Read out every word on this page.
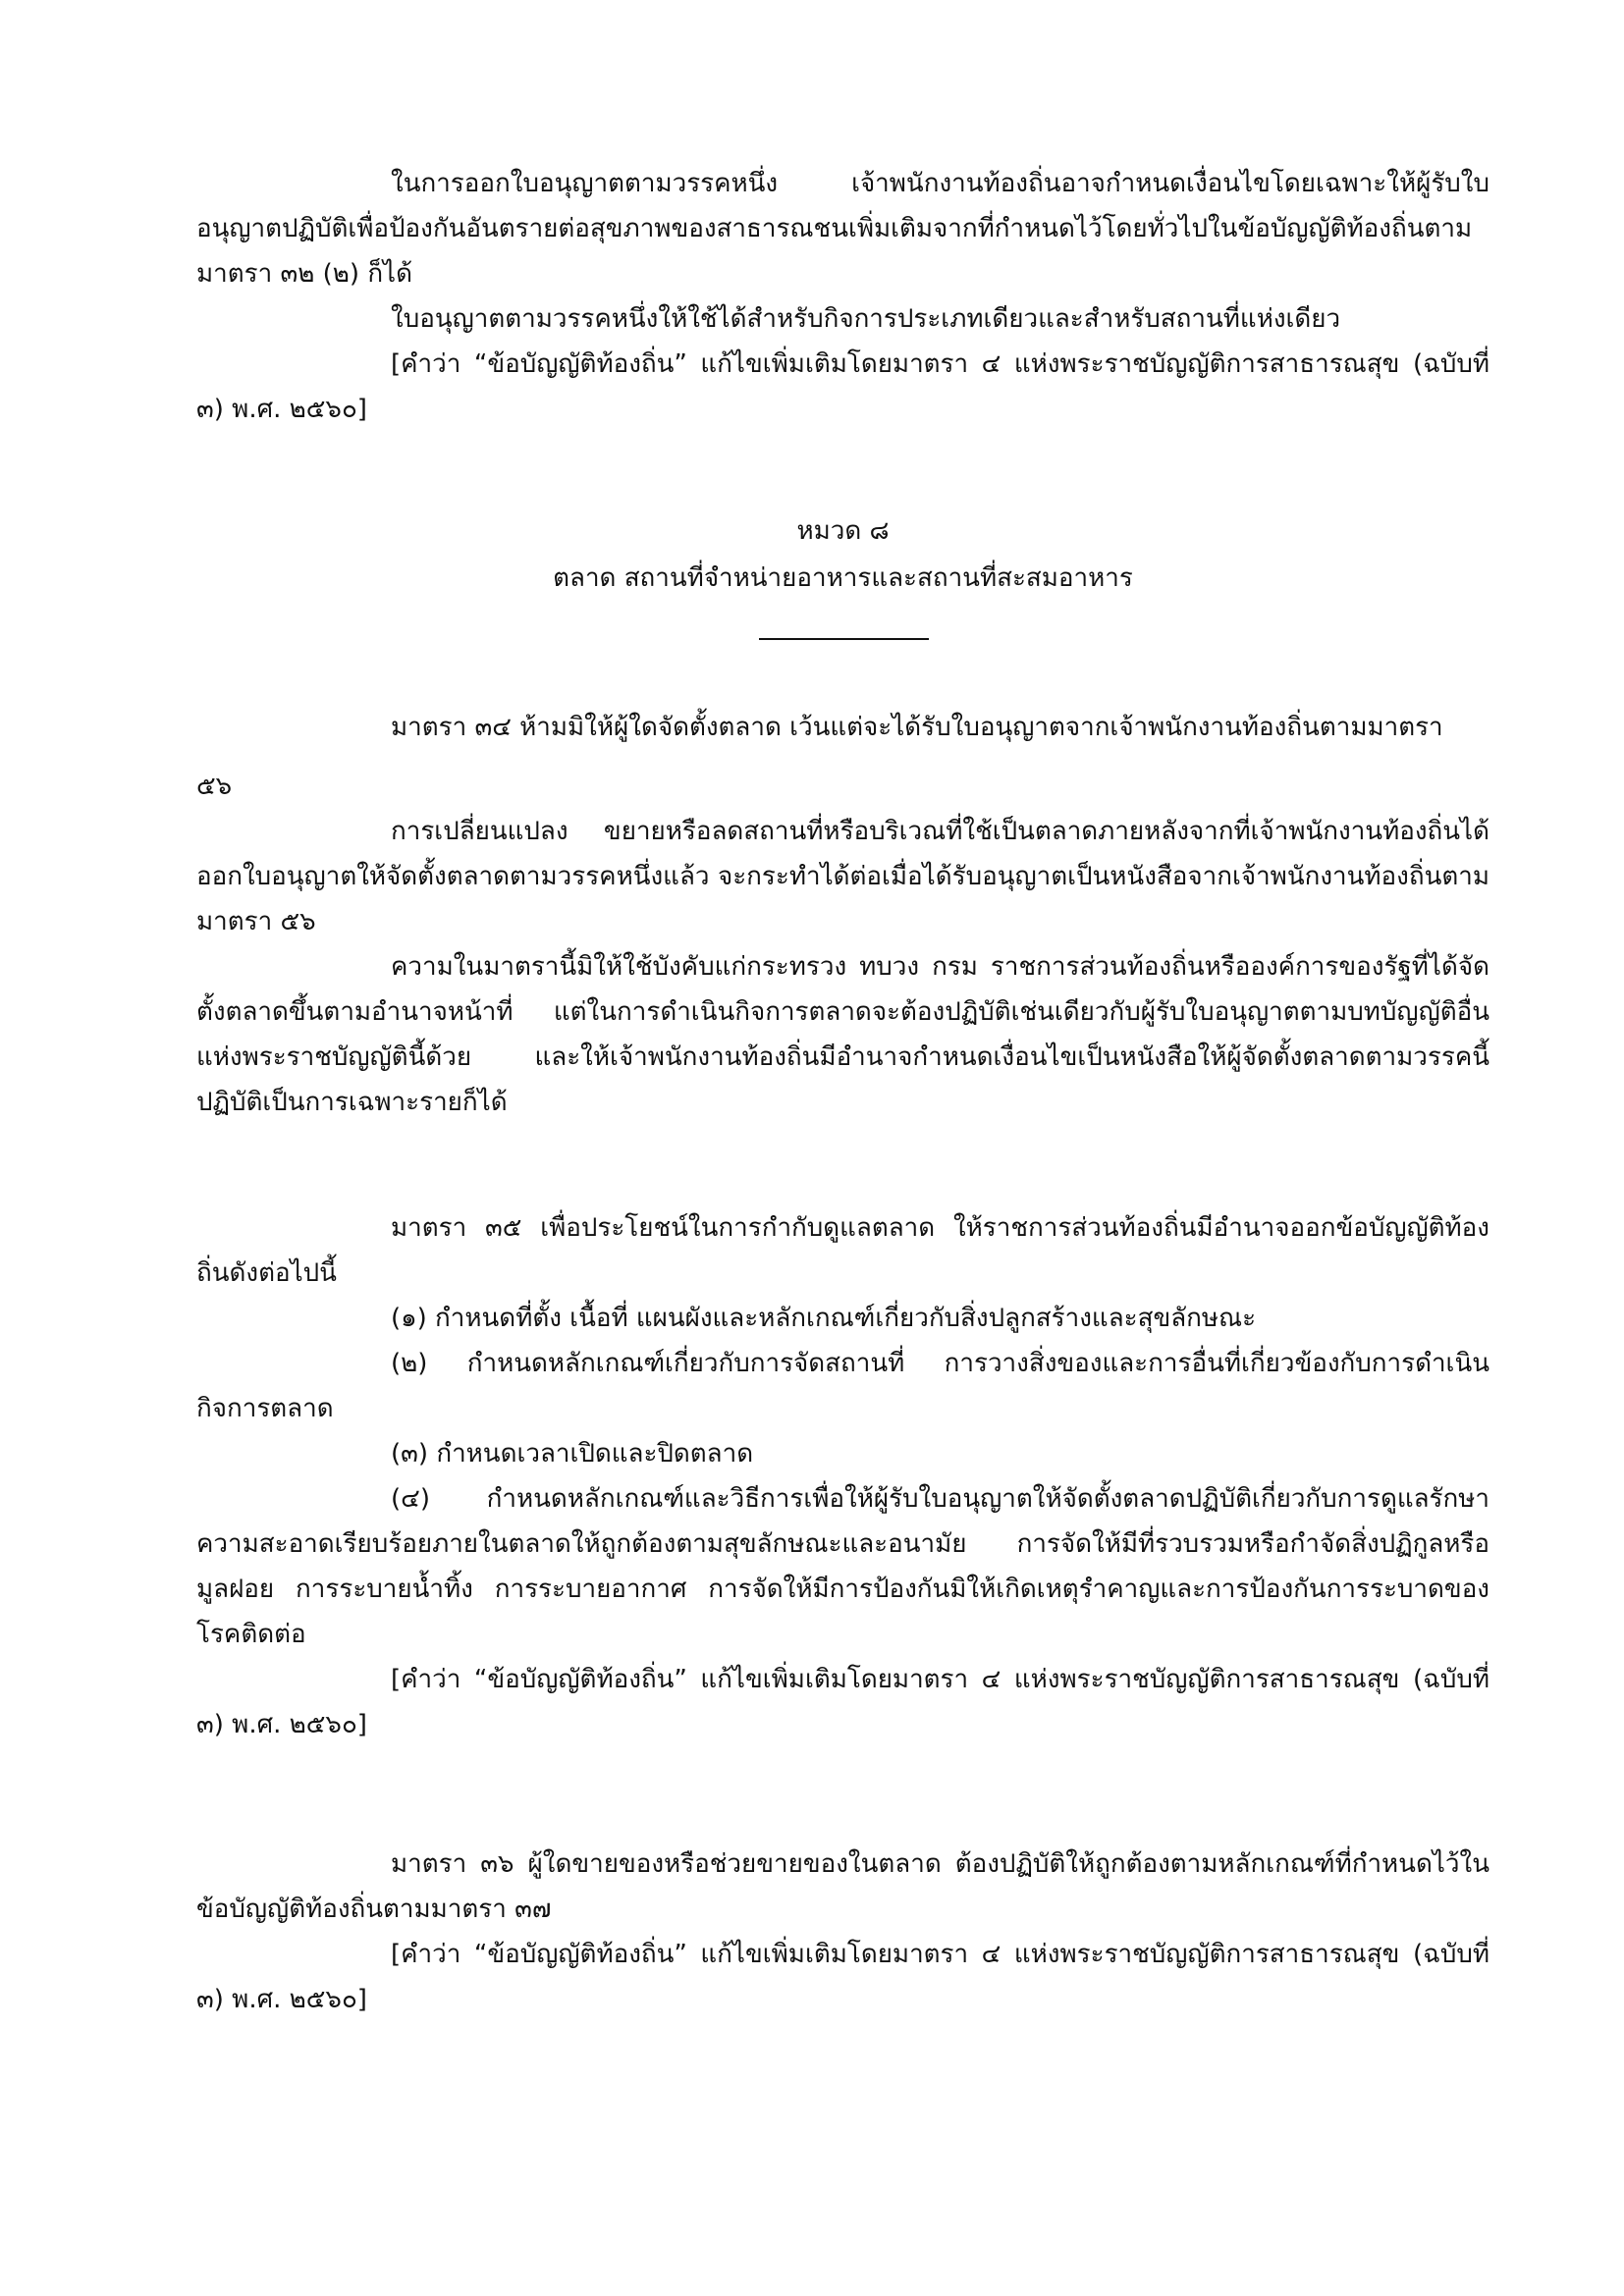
ในการออกใบอนุญาตตามวรรคหนึ่ง เจ้าพนักงานท้องถิ่นอาจกำหนดเงื่อนไขโดยเฉพาะให้ผู้รับใบอนุญาตปฏิบัติเพื่อป้องกันอันตรายต่อสุขภาพของสาธารณชนเพิ่มเติมจากที่กำหนดไว้โดยทั่วไปในข้อบัญญัติท้องถิ่นตามมาตรา ๓๒ (๒) ก็ได้

ใบอนุญาตตามวรรคหนึ่งให้ใช้ได้สำหรับกิจการประเภทเดียวและสำหรับสถานที่แห่งเดียว

[คำว่า “ข้อบัญญัติท้องถิ่น” แก้ไขเพิ่มเติมโดยมาตรา ๔ แห่งพระราชบัญญัติการสาธารณสุข (ฉบับที่ ๓) พ.ศ. ๒๕๖๐]

หมวด ๘

ตลาด สถานที่จำหน่ายอาหารและสถานที่สะสมอาหาร

มาตรา ๓๔ ห้ามมิให้ผู้ใดจัดตั้งตลาด เว้นแต่จะได้รับใบอนุญาตจากเจ้าพนักงานท้องถิ่นตามมาตรา

๕๖

การเปลี่ยนแปลง ขยายหรือลดสถานที่หรือบริเวณที่ใช้เป็นตลาดภายหลังจากที่เจ้าพนักงานท้องถิ่นได้ออกใบอนุญาตให้จัดตั้งตลาดตามวรรคหนึ่งแล้ว จะกระทำได้ต่อเมื่อได้รับอนุญาตเป็นหนังสือจากเจ้าพนักงานท้องถิ่นตามมาตรา ๕๖

ความในมาตรานี้มิให้ใช้บังคับแก่กระทรวง ทบวง กรม ราชการส่วนท้องถิ่นหรือองค์การของรัฐที่ได้จัดตั้งตลาดขึ้นตามอำนาจหน้าที่ แต่ในการดำเนินกิจการตลาดจะต้องปฏิบัติเช่นเดียวกับผู้รับใบอนุญาตตามบทบัญญัติอื่นแห่งพระราชบัญญัตินี้ด้วย และให้เจ้าพนักงานท้องถิ่นมีอำนาจกำหนดเงื่อนไขเป็นหนังสือให้ผู้จัดตั้งตลาดตามวรรคนี้ปฏิบัติเป็นการเฉพาะรายก็ได้

มาตรา ๓๕ เพื่อประโยชน์ในการกำกับดูแลตลาด ให้ราชการส่วนท้องถิ่นมีอำนาจออกข้อบัญญัติท้องถิ่นดังต่อไปนี้

(๑) กำหนดที่ตั้ง เนื้อที่ แผนผังและหลักเกณฑ์เกี่ยวกับสิ่งปลูกสร้างและสุขลักษณะ

(๒) กำหนดหลักเกณฑ์เกี่ยวกับการจัดสถานที่ การวางสิ่งของและการอื่นที่เกี่ยวข้องกับการดำเนินกิจการตลาด

(๓) กำหนดเวลาเปิดและปิดตลาด

(๔) กำหนดหลักเกณฑ์และวิธีการเพื่อให้ผู้รับใบอนุญาตให้จัดตั้งตลาดปฏิบัติเกี่ยวกับการดูแลรักษาความสะอาดเรียบร้อยภายในตลาดให้ถูกต้องตามสุขลักษณะและอนามัย การจัดให้มีที่รวบรวมหรือกำจัดสิ่งปฏิกูลหรือมูลฝอย การระบายน้ำทิ้ง การระบายอากาศ การจัดให้มีการป้องกันมิให้เกิดเหตุรำคาญและการป้องกันการระบาดของโรคติดต่อ

[คำว่า “ข้อบัญญัติท้องถิ่น” แก้ไขเพิ่มเติมโดยมาตรา ๔ แห่งพระราชบัญญัติการสาธารณสุข (ฉบับที่ ๓) พ.ศ. ๒๕๖๐]

มาตรา ๓๖ ผู้ใดขายของหรือช่วยขายของในตลาด ต้องปฏิบัติให้ถูกต้องตามหลักเกณฑ์ที่กำหนดไว้ในข้อบัญญัติท้องถิ่นตามมาตรา ๓๗

[คำว่า “ข้อบัญญัติท้องถิ่น” แก้ไขเพิ่มเติมโดยมาตรา ๔ แห่งพระราชบัญญัติการสาธารณสุข (ฉบับที่ ๓) พ.ศ. ๒๕๖๐]
